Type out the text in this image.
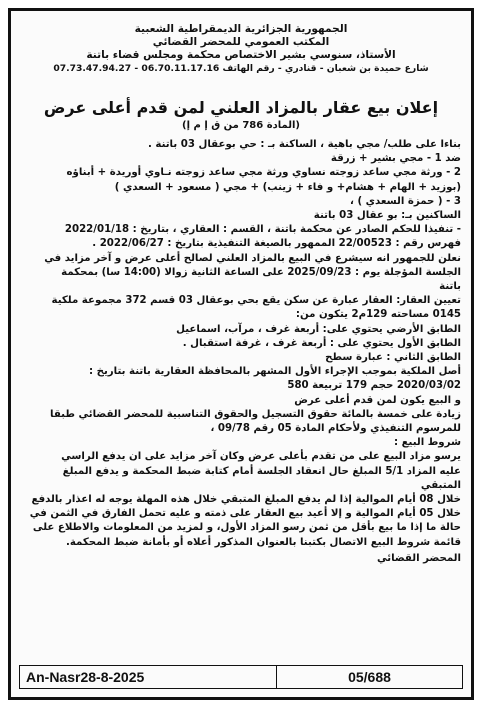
الجمهورية الجزائرية الديمقراطية الشعبية
المكتب العمومي للمحضر القضائي
الأستاذ، سنوسي بشير الاختصاص محكمة ومجلس قضاء باتنة
شارع حميدة بن شعبان - قنادري - رقم الهاتف 06.70.11.17.16 - 07.73.47.94.27
إعلان بيع عقار بالمزاد العلني لمن قدم أعلى عرض
(المادة 786 من ق إ م إ)
بناءا على طلب/ مجي باهية ، الساكنة بـ : حي بوعقال 03 باتنة .
ضد 1 - مجي بشير + زرقة
2 - ورثة مجي ساعد زوجته نساوي ورثة مجي ساعد زوجته نـاوي أوريدة + أبناؤه
(بوزيد + الهام + هشام+ و فاء + زينب) + مجي ( مسعود + السعدي )
3 - ( حمزة السعدي ) ،
الساكنين بـ: بو عقال 03 باتنة
- تنفيذا للحكم الصادر عن محكمة باتنة ، القسم : العقاري ، بتاريخ : 2022/01/18
فهرس رقم : 22/00523 الممهور بالصيغة التنفيذية بتاريخ : 2022/06/27 .
نعلن للجمهور انه سيشرع في البيع بالمزاد العلني لصالح أعلى عرض و آخر مزايد في
الجلسة المؤجلة يوم : 2025/09/23 على الساعة الثانية زوالا (14:00 سا) بمحكمة
باتنة
تعيين العقار: العقار عبارة عن سكن يقع بحي بوعقال 03 قسم 372 مجموعة ملكية
0145 مساحته 129م2 يتكون من:
الطابق الأرضي يحتوي على: أربعة غرف ، مرآب، اسماعيل
الطابق الأول يحتوي على : أربعة غرف ، غرفة استقبال .
الطابق الثاني : عبارة سطح
أصل الملكية بموجب الإجراء الأول المشهر بالمحافظة العقارية باتنة بتاريخ :
2020/03/02 حجم 179 تربيعة 580
و البيع يكون لمن قدم أعلى عرض
زيادة على خمسة بالمائة حقوق التسجيل والحقوق التناسبية للمحضر القضائي طبقا
للمرسوم التنفيذي ولأحكام المادة 05 رقم 09/78 ،
شروط البيع :
يرسو مزاد البيع على من تقدم بأعلى عرض وكان آخر مزايد على ان يدفع الراسي
عليه المزاد 5/1 المبلغ حال انعقاد الجلسة أمام كتابة ضبط المحكمة و يدفع المبلغ المتبقي
خلال 08 أيام الموالية إذا لم يدفع المبلغ المتبقي خلال هذه المهلة يوجه له اعذار بالدفع
خلال 05 أيام الموالية و إلا أعيد بيع العقار على ذمته و عليه تحمل الفارق في الثمن في
حالة ما إذا ما بيع بأقل من ثمن رسو المزاد الأول، و لمزيد من المعلومات والاطلاع على
قائمة شروط البيع الاتصال بكتبنا بالعنوان المذكور أعلاه أو بأمانة ضبط المحكمة.
المحضر القضائي
An-Nasr28-8-2025	05/688
